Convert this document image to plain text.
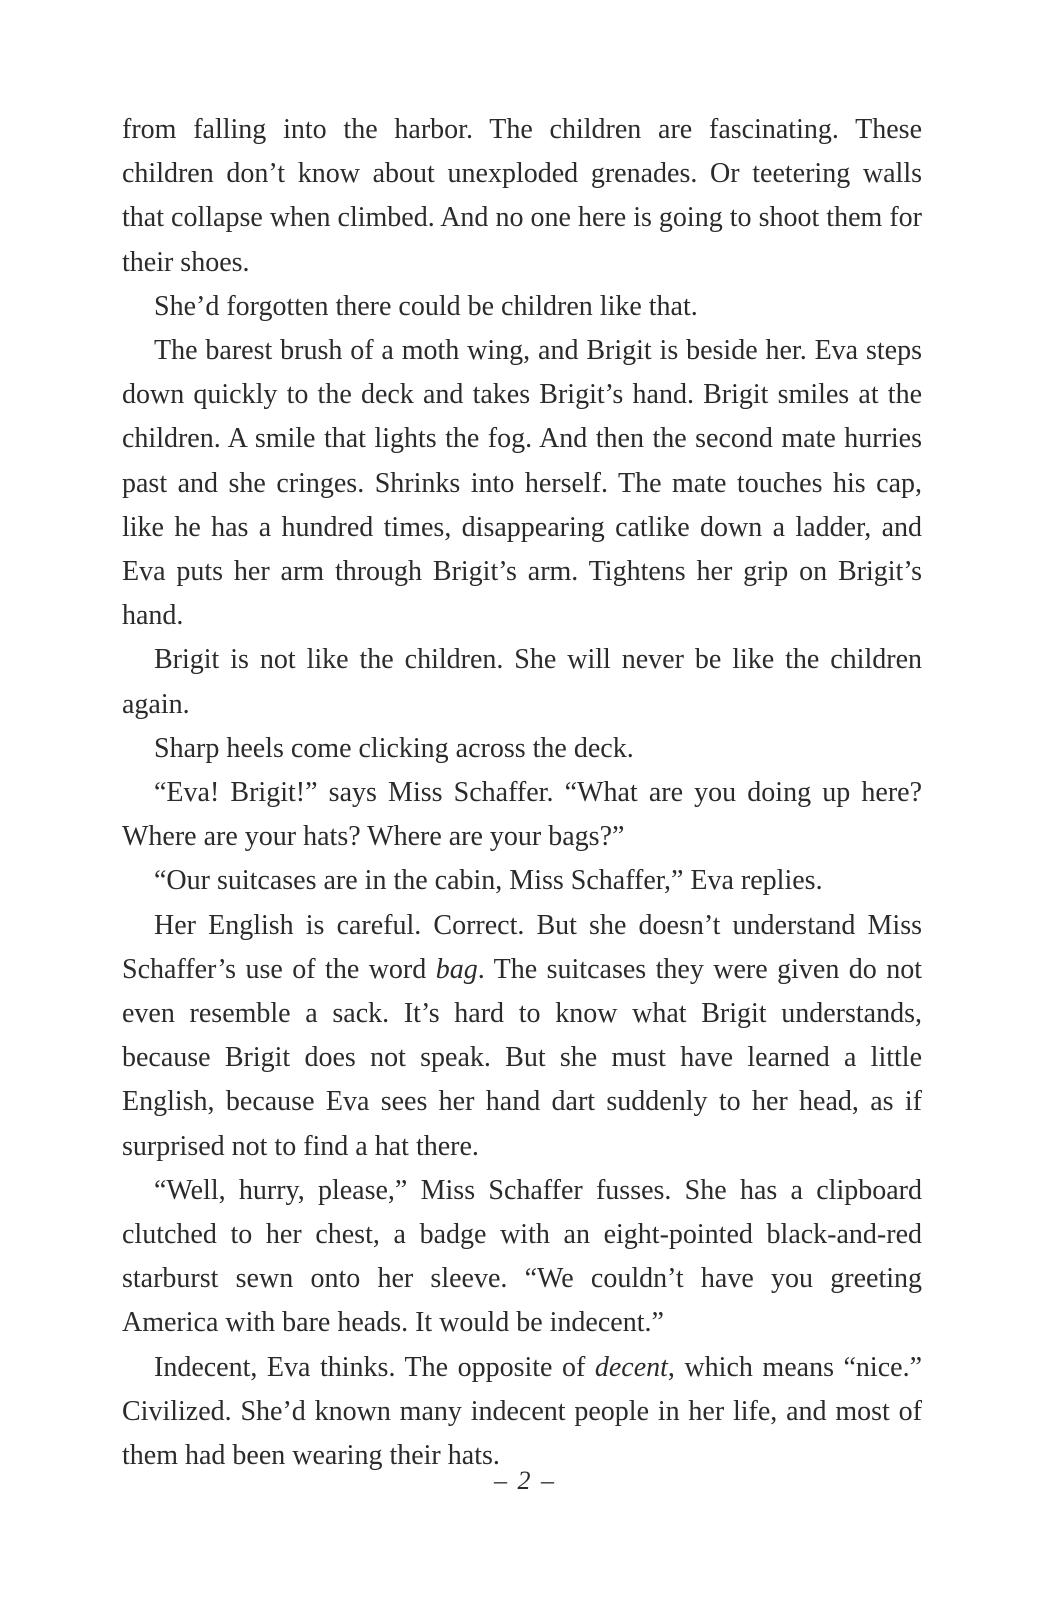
from falling into the harbor. The children are fascinating. These children don’t know about unexploded grenades. Or teetering walls that collapse when climbed. And no one here is going to shoot them for their shoes.

She’d forgotten there could be children like that.

The barest brush of a moth wing, and Brigit is beside her. Eva steps down quickly to the deck and takes Brigit’s hand. Brigit smiles at the children. A smile that lights the fog. And then the second mate hurries past and she cringes. Shrinks into herself. The mate touches his cap, like he has a hundred times, disappearing catlike down a ladder, and Eva puts her arm through Brigit’s arm. Tightens her grip on Brigit’s hand.

Brigit is not like the children. She will never be like the children again.

Sharp heels come clicking across the deck.

“Eva! Brigit!” says Miss Schaffer. “What are you doing up here? Where are your hats? Where are your bags?”

“Our suitcases are in the cabin, Miss Schaffer,” Eva replies.

Her English is careful. Correct. But she doesn’t understand Miss Schaffer’s use of the word bag. The suitcases they were given do not even resemble a sack. It’s hard to know what Brigit understands, because Brigit does not speak. But she must have learned a little English, because Eva sees her hand dart suddenly to her head, as if surprised not to find a hat there.

“Well, hurry, please,” Miss Schaffer fusses. She has a clipboard clutched to her chest, a badge with an eight-pointed black-and-red starburst sewn onto her sleeve. “We couldn’t have you greeting America with bare heads. It would be indecent.”

Indecent, Eva thinks. The opposite of decent, which means “nice.” Civilized. She’d known many indecent people in her life, and most of them had been wearing their hats.

– 2 –
